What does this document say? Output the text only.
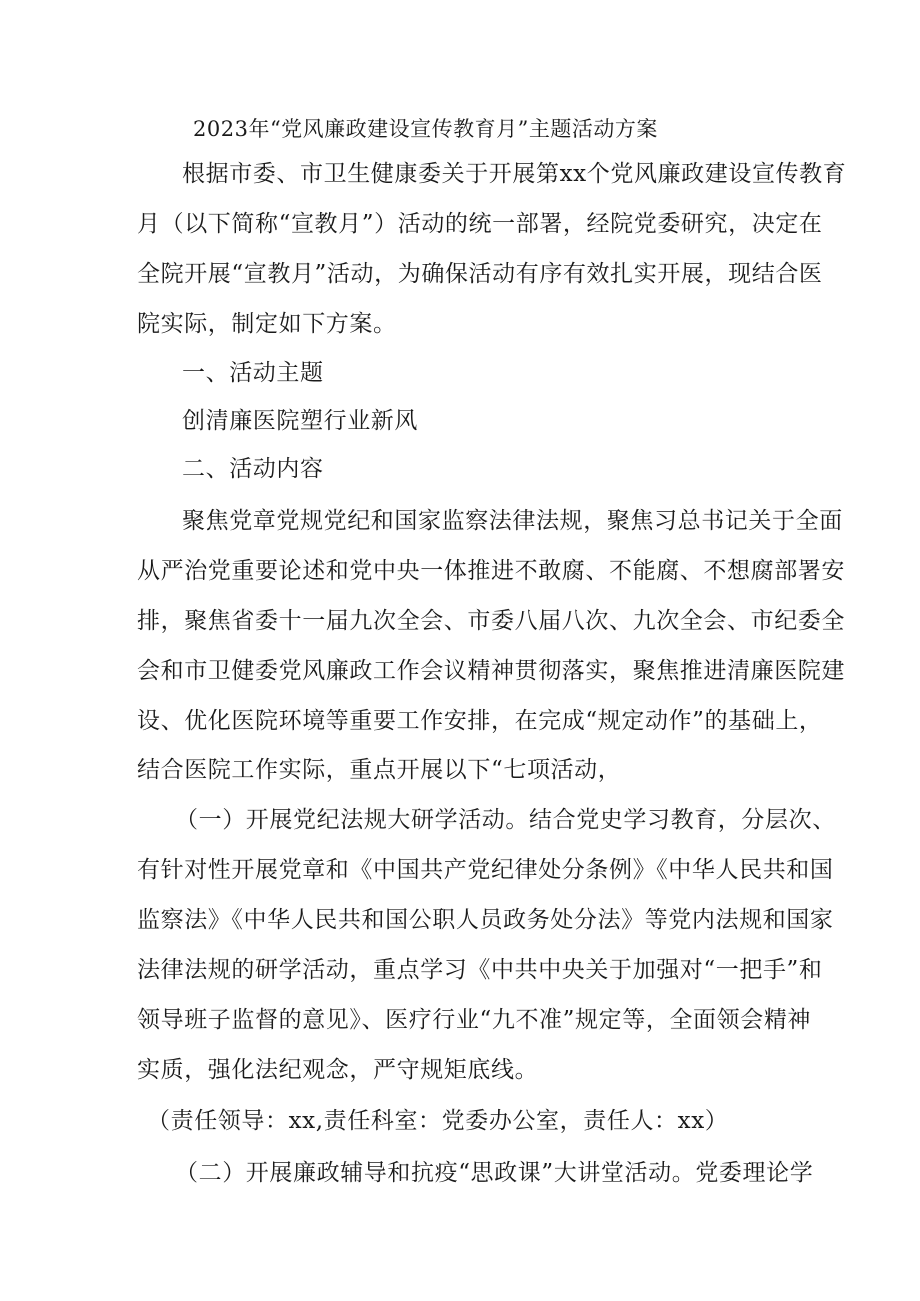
2023年“党风廉政建设宣传教育月”主题活动方案
根据市委、市卫生健康委关于开展第xx个党风廉政建设宣传教育
月（以下简称“宣教月”）活动的统一部署，经院党委研究，决定在
全院开展“宣教月”活动，为确保活动有序有效扎实开展，现结合医
院实际，制定如下方案。
一、活动主题
创清廉医院塑行业新风
二、活动内容
聚焦党章党规党纪和国家监察法律法规，聚焦习总书记关于全面
从严治党重要论述和党中央一体推进不敢腐、不能腐、不想腐部署安
排，聚焦省委十一届九次全会、市委八届八次、九次全会、市纪委全
会和市卫健委党风廉政工作会议精神贯彻落实，聚焦推进清廉医院建
设、优化医院环境等重要工作安排，在完成“规定动作”的基础上，
结合医院工作实际，重点开展以下“七项活动，
（一）开展党纪法规大研学活动。结合党史学习教育，分层次、
有针对性开展党章和《中国共产党纪律处分条例》《中华人民共和国
监察法》《中华人民共和国公职人员政务处分法》等党内法规和国家
法律法规的研学活动，重点学习《中共中央关于加强对“一把手”和
领导班子监督的意见》、医疗行业“九不准”规定等，全面领会精神
实质，强化法纪观念，严守规矩底线。
（责任领导：xx,责任科室：党委办公室，责任人：xx）
（二）开展廉政辅导和抗疫“思政课”大讲堂活动。党委理论学
